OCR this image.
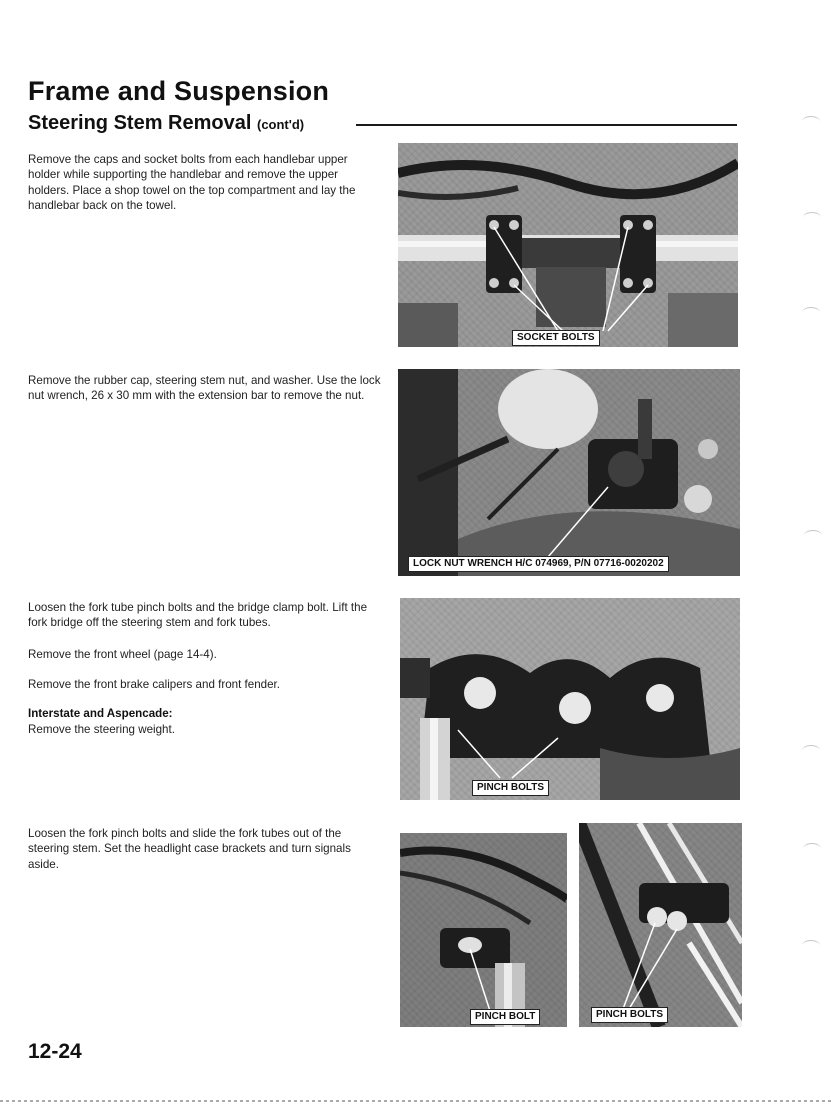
Frame and Suspension
Steering Stem Removal (cont'd)

Remove the caps and socket bolts from each handlebar upper holder while supporting the handlebar and remove the upper holders. Place a shop towel on the top compartment and lay the handlebar back on the towel.

SOCKET BOLTS

Remove the rubber cap, steering stem nut, and washer. Use the lock nut wrench, 26 x 30 mm with the extension bar to remove the nut.

LOCK NUT WRENCH H/C 074969, P/N 07716-0020202

Loosen the fork tube pinch bolts and the bridge clamp bolt. Lift the fork bridge off the steering stem and fork tubes.

Remove the front wheel (page 14-4).

Remove the front brake calipers and front fender.

Interstate and Aspencade:

Remove the steering weight.

PINCH BOLTS

Loosen the fork pinch bolts and slide the fork tubes out of the steering stem. Set the headlight case brackets and turn signals aside.

PINCH BOLT	PINCH BOLTS

12-24
